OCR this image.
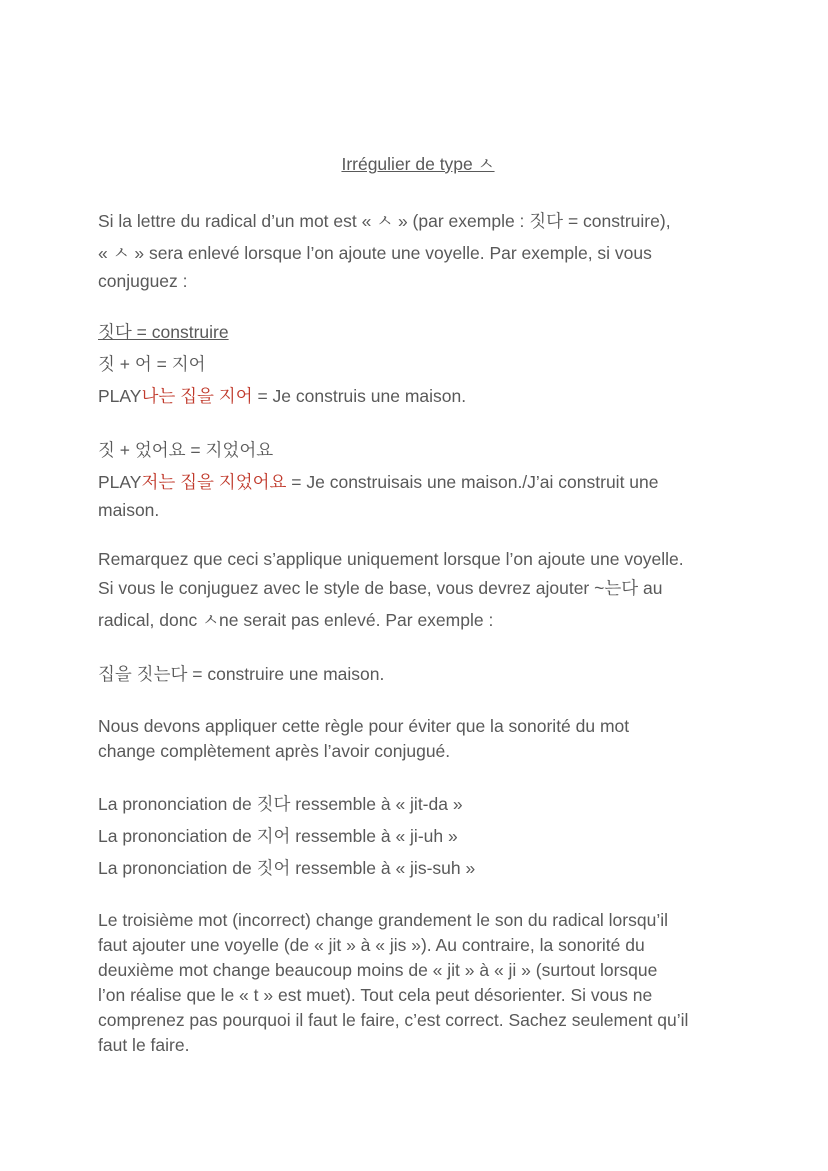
Irrégulier de type ㅅ

Si la lettre du radical d’un mot est « ㅅ » (par exemple : 짓다 = construire),

« ㅅ » sera enlevé lorsque l’on ajoute une voyelle. Par exemple, si vous

conjuguez :

짓다 = construire

짓 + 어 = 지어

PLAY나는 집을 지어 = Je construis une maison.

짓 + 었어요 = 지었어요

PLAY저는 집을 지었어요 = Je construisais une maison./J’ai construit une

maison.

Remarquez que ceci s’applique uniquement lorsque l’on ajoute une voyelle.

Si vous le conjuguez avec le style de base, vous devrez ajouter ~는다 au

radical, donc ㅅne serait pas enlevé. Par exemple :

집을 짓는다 = construire une maison.

Nous devons appliquer cette règle pour éviter que la sonorité du mot

change complètement après l’avoir conjugué.

La prononciation de 짓다 ressemble à « jit-da »

La prononciation de 지어 ressemble à « ji-uh »

La prononciation de 짓어 ressemble à « jis-suh »

Le troisième mot (incorrect) change grandement le son du radical lorsqu’il

faut ajouter une voyelle (de « jit » à « jis »). Au contraire, la sonorité du

deuxième mot change beaucoup moins de « jit » à « ji » (surtout lorsque

l’on réalise que le « t » est muet). Tout cela peut désorienter. Si vous ne

comprenez pas pourquoi il faut le faire, c’est correct. Sachez seulement qu’il

faut le faire.
